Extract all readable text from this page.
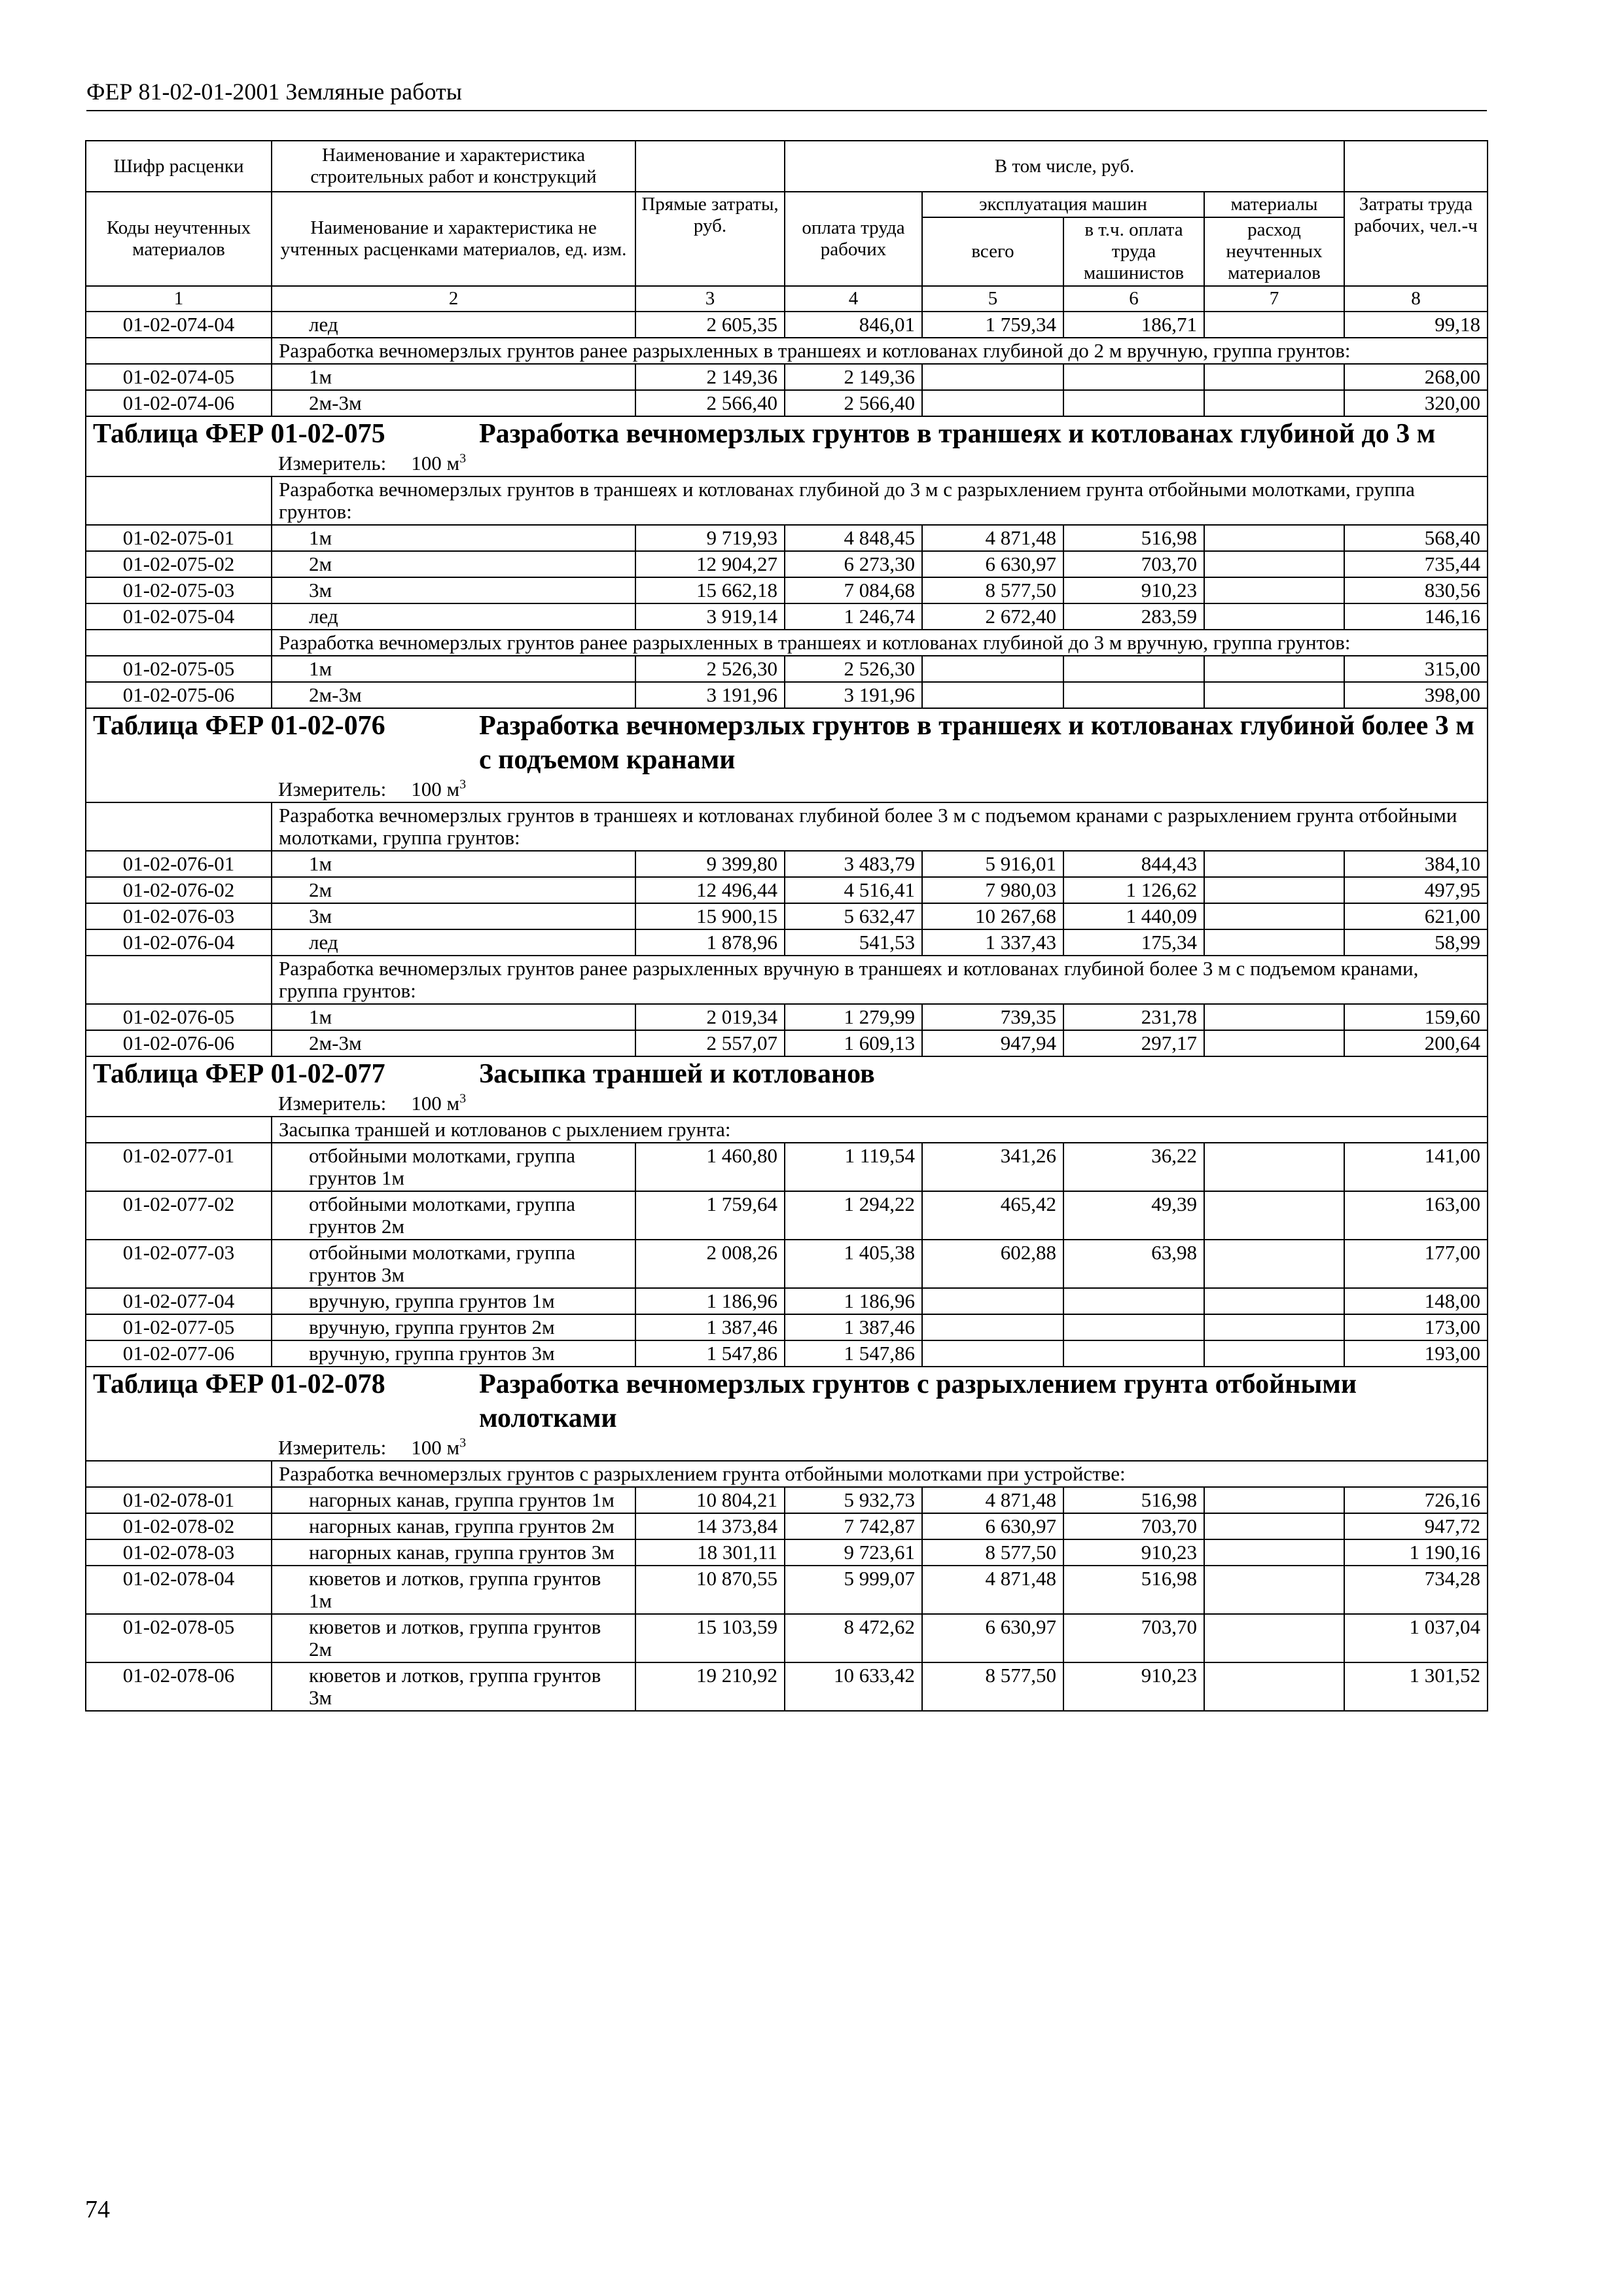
ФЕР 81-02-01-2001 Земляные работы
Шифр расценки	Наименование и характеристика строительных работ и конструкций		В том числе, руб.				
Коды неучтенных материалов	Наименование и характеристика не учтенных расценками материалов, ед. изм.	Прямые затраты, руб.	оплата труда рабочих	эксплуатация машин		материалы	Затраты труда рабочих, чел.-ч
				всего	в т.ч. оплата труда машинистов	расход неучтенных материалов	
1	2	3	4	5	6	7	8
01-02-074-04	лед	2 605,35	846,01	1 759,34	186,71		99,18
	Разработка вечномерзлых грунтов ранее разрыхленных в траншеях и котлованах глубиной до 2 м вручную, группа грунтов:						
01-02-074-05	1м	2 149,36	2 149,36				268,00
01-02-074-06	2м-3м	2 566,40	2 566,40				320,00
Таблица ФЕР 01-02-075 Разработка вечномерзлых грунтов в траншеях и котлованах глубиной до 3 м							
	Измеритель: 100 $м^3$
	Разработка вечномерзлых грунтов в траншеях и котлованах глубиной до 3 м с разрыхлением грунта отбойными молотками, группа грунтов:						
01-02-075-01	1м	9 719,93	4 848,45	4 871,48	516,98		568,40
01-02-075-02	2м	12 904,27	6 273,30	6 630,97	703,70		735,44
01-02-075-03	3м	15 662,18	7 084,68	8 577,50	910,23		830,56
01-02-075-04	лед	3 919,14	1 246,74	2 672,40	283,59		146,16
	Разработка вечномерзлых грунтов ранее разрыхленных в траншеях и котлованах глубиной до 3 м вручную, группа грунтов:						
01-02-075-05	1м	2 526,30	2 526,30				315,00
01-02-075-06	2м-3м	3 191,96	3 191,96				398,00
Таблица ФЕР 01-02-076 Разработка вечномерзлых грунтов в траншеях и котлованах глубиной более 3 м с подъемом кранами							
	Измеритель: 100 $м^3$
	Разработка вечномерзлых грунтов в траншеях и котлованах глубиной более 3 м с подъемом кранами с разрыхлением грунта отбойными молотками, группа грунтов:						
01-02-076-01	1м	9 399,80	3 483,79	5 916,01	844,43		384,10
01-02-076-02	2м	12 496,44	4 516,41	7 980,03	1 126,62		497,95
01-02-076-03	3м	15 900,15	5 632,47	10 267,68	1 440,09		621,00
01-02-076-04	лед	1 878,96	541,53	1 337,43	175,34		58,99
	Разработка вечномерзлых грунтов ранее разрыхленных вручную в траншеях и котлованах глубиной более 3 м с подъемом кранами, группа грунтов:						
01-02-076-05	1м	2 019,34	1 279,99	739,35	231,78		159,60
01-02-076-06	2м-3м	2 557,07	1 609,13	947,94	297,17		200,64
Таблица ФЕР 01-02-077 Засыпка траншей и котлованов							
	Измеритель: 100 $м^3$
	Засыпка траншей и котлованов с рыхлением грунта:						
01-02-077-01	отбойными молотками, группа грунтов 1м	1 460,80	1 119,54	341,26	36,22		141,00
01-02-077-02	отбойными молотками, группа грунтов 2м	1 759,64	1 294,22	465,42	49,39		163,00
01-02-077-03	отбойными молотками, группа грунтов 3м	2 008,26	1 405,38	602,88	63,98		177,00
01-02-077-04	вручную, группа грунтов 1м	1 186,96	1 186,96				148,00
01-02-077-05	вручную, группа грунтов 2м	1 387,46	1 387,46				173,00
01-02-077-06	вручную, группа грунтов 3м	1 547,86	1 547,86				193,00
Таблица ФЕР 01-02-078 Разработка вечномерзлых грунтов с разрыхлением грунта отбойными молотками							
	Измеритель: 100 $м^3$
	Разработка вечномерзлых грунтов с разрыхлением грунта отбойными молотками при устройстве:						
01-02-078-01	нагорных канав, группа грунтов 1м	10 804,21	5 932,73	4 871,48	516,98		726,16
01-02-078-02	нагорных канав, группа грунтов 2м	14 373,84	7 742,87	6 630,97	703,70		947,72
01-02-078-03	нагорных канав, группа грунтов 3м	18 301,11	9 723,61	8 577,50	910,23		1 190,16
01-02-078-04	кюветов и лотков, группа грунтов 1м	10 870,55	5 999,07	4 871,48	516,98		734,28
01-02-078-05	кюветов и лотков, группа грунтов 2м	15 103,59	8 472,62	6 630,97	703,70		1 037,04
01-02-078-06	кюветов и лотков, группа грунтов 3м	19 210,92	10 633,42	8 577,50	910,23		1 301,52
74
